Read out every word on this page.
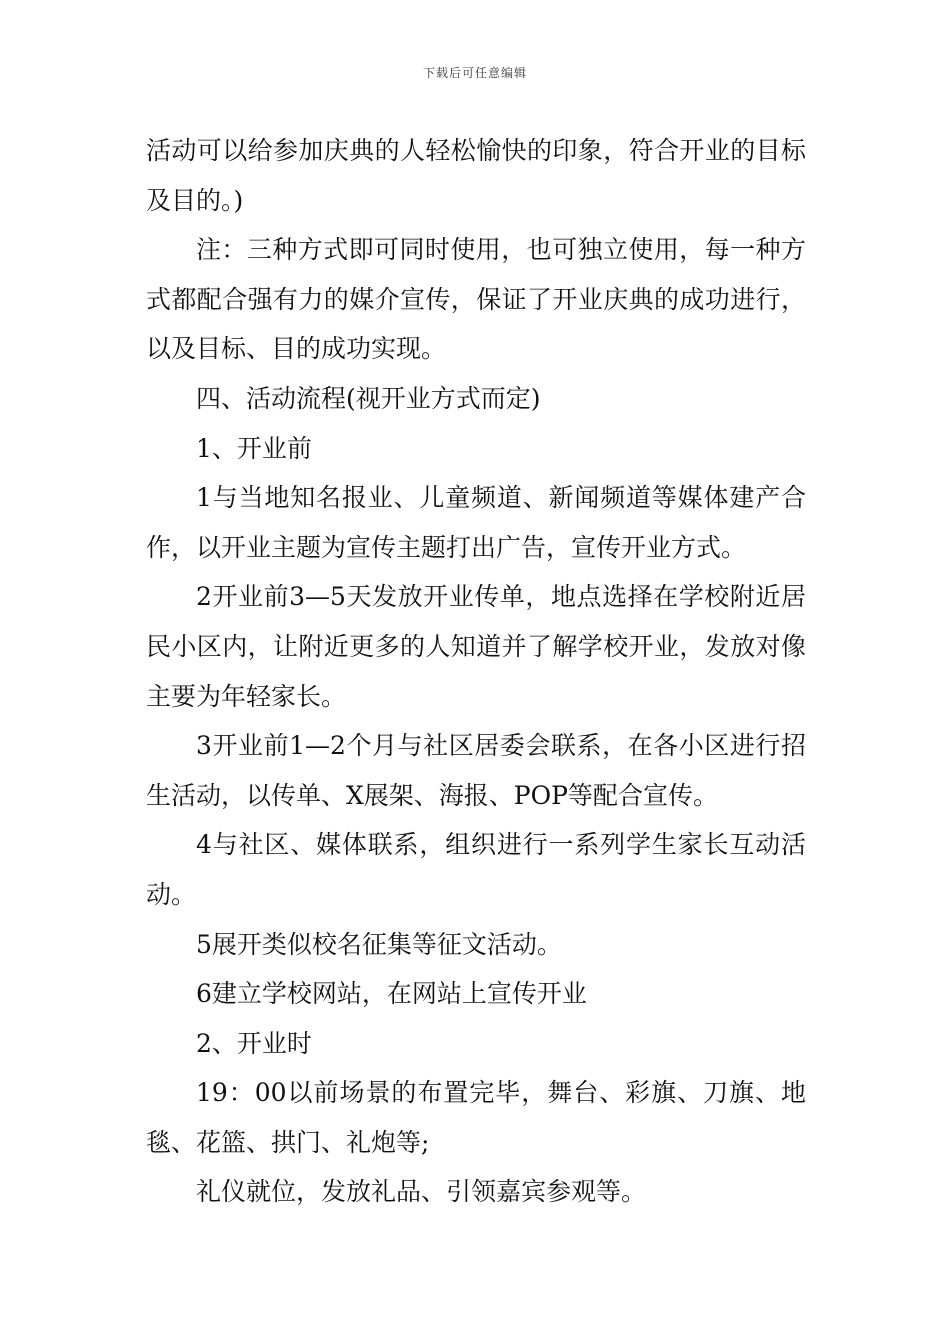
下载后可任意编辑

活动可以给参加庆典的人轻松愉快的印象，符合开业的目标及目的。)

注：三种方式即可同时使用，也可独立使用，每一种方式都配合强有力的媒介宣传，保证了开业庆典的成功进行，以及目标、目的成功实现。

四、活动流程(视开业方式而定)

1、开业前

1与当地知名报业、儿童频道、新闻频道等媒体建产合作，以开业主题为宣传主题打出广告，宣传开业方式。

2开业前3—5天发放开业传单，地点选择在学校附近居民小区内，让附近更多的人知道并了解学校开业，发放对像主要为年轻家长。

3开业前1—2个月与社区居委会联系，在各小区进行招生活动，以传单、X展架、海报、POP等配合宣传。

4与社区、媒体联系，组织进行一系列学生家长互动活动。

5展开类似校名征集等征文活动。

6建立学校网站，在网站上宣传开业

2、开业时

19：00以前场景的布置完毕，舞台、彩旗、刀旗、地毯、花篮、拱门、礼炮等;

礼仪就位，发放礼品、引领嘉宾参观等。
